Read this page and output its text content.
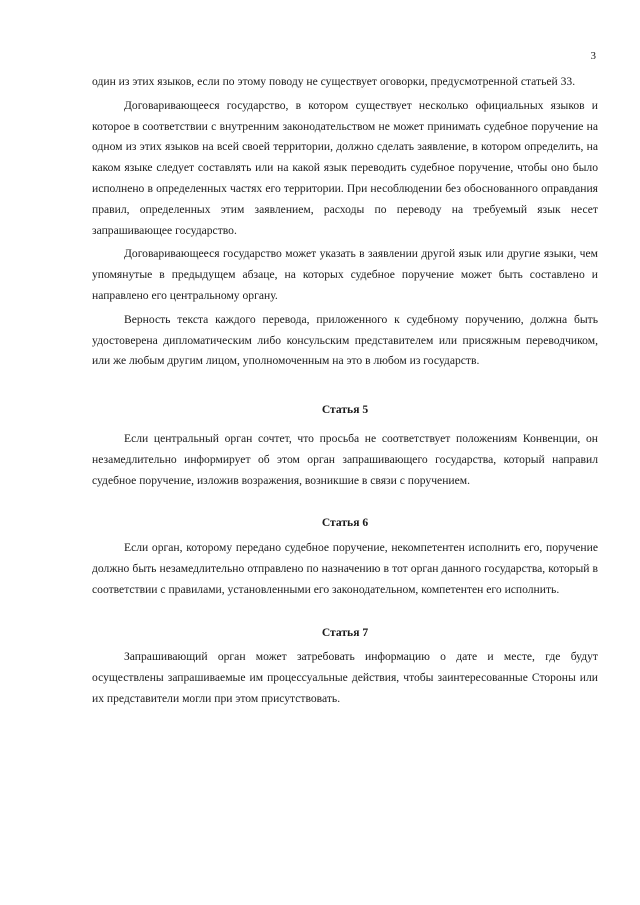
3

один из этих языков, если по этому поводу не существует оговорки, предусмотренной статьей 33.

Договаривающееся государство, в котором существует несколько официальных языков и которое в соответствии с внутренним законодательством не может принимать судебное поручение на одном из этих языков на всей своей территории, должно сделать заявление, в котором определить, на каком языке следует составлять или на какой язык переводить судебное поручение, чтобы оно было исполнено в определенных частях его территории. При несоблюдении без обоснованного оправдания правил, определенных этим заявлением, расходы по переводу на требуемый язык несет запрашивающее государство.

Договаривающееся государство может указать в заявлении другой язык или другие языки, чем упомянутые в предыдущем абзаце, на которых судебное поручение может быть составлено и направлено его центральному органу.

Верность текста каждого перевода, приложенного к судебному поручению, должна быть удостоверена дипломатическим либо консульским представителем или присяжным переводчиком, или же любым другим лицом, уполномоченным на это в любом из государств.

Статья 5

Если центральный орган сочтет, что просьба не соответствует положениям Конвенции, он незамедлительно информирует об этом орган запрашивающего государства, который направил судебное поручение, изложив возражения, возникшие в связи с поручением.

Статья 6

Если орган, которому передано судебное поручение, некомпетентен исполнить его, поручение должно быть незамедлительно отправлено по назначению в тот орган данного государства, который в соответствии с правилами, установленными его законодательном, компетентен его исполнить.

Статья 7

Запрашивающий орган может затребовать информацию о дате и месте, где будут осуществлены запрашиваемые им процессуальные действия, чтобы заинтересованные Стороны или их представители могли при этом присутствовать.
